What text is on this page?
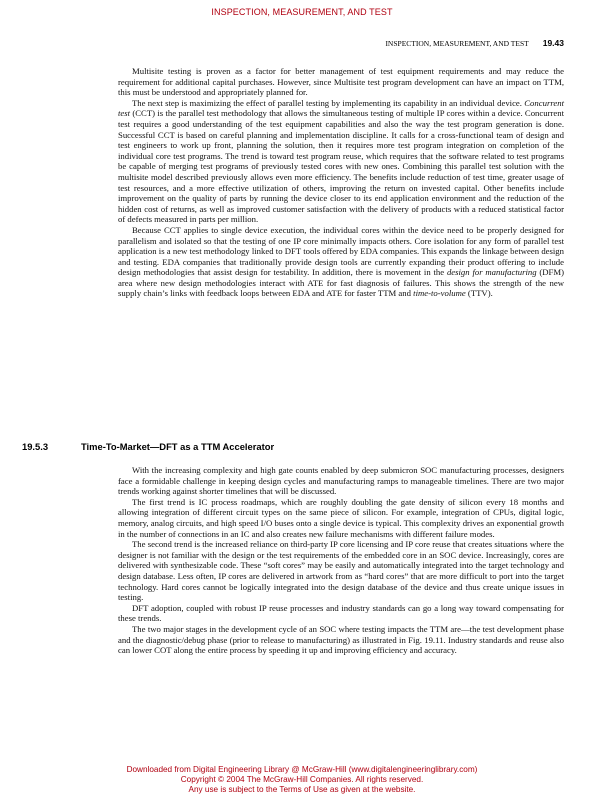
INSPECTION, MEASUREMENT, AND TEST
INSPECTION, MEASUREMENT, AND TEST 19.43

Multisite testing is proven as a factor for better management of test equipment requirements and may reduce the requirement for additional capital purchases. However, since Multisite test program development can have an impact on TTM, this must be understood and appropriately planned for.

The next step is maximizing the effect of parallel testing by implementing its capability in an individual device. Concurrent test (CCT) is the parallel test methodology that allows the simultaneous testing of multiple IP cores within a device. Concurrent test requires a good understanding of the test equipment capabilities and also the way the test program generation is done. Successful CCT is based on careful planning and implementation discipline. It calls for a cross-functional team of design and test engineers to work up front, planning the solution, then it requires more test program integration on completion of the individual core test programs. The trend is toward test program reuse, which requires that the software related to test programs be capable of merging test programs of previously tested cores with new ones. Combining this parallel test solution with the multisite model described previously allows even more efficiency. The benefits include reduction of test time, greater usage of test resources, and a more effective utilization of others, improving the return on invested capital. Other benefits include improvement on the quality of parts by running the device closer to its end application environment and the reduction of the hidden cost of returns, as well as improved customer satisfaction with the delivery of products with a reduced statistical factor of defects measured in parts per million.

Because CCT applies to single device execution, the individual cores within the device need to be properly designed for parallelism and isolated so that the testing of one IP core minimally impacts others. Core isolation for any form of parallel test application is a new test methodology linked to DFT tools offered by EDA companies. This expands the linkage between design and testing. EDA companies that traditionally provide design tools are currently expanding their product offering to include design methodologies that assist design for testability. In addition, there is movement in the design for manufacturing (DFM) area where new design methodologies interact with ATE for fast diagnosis of failures. This shows the strength of the new supply chain’s links with feedback loops between EDA and ATE for faster TTM and time-to-volume (TTV).

19.5.3	Time-To-Market—DFT as a TTM Accelerator

With the increasing complexity and high gate counts enabled by deep submicron SOC manufacturing processes, designers face a formidable challenge in keeping design cycles and manufacturing ramps to manageable timelines. There are two major trends working against shorter timelines that will be discussed.

The first trend is IC process roadmaps, which are roughly doubling the gate density of silicon every 18 months and allowing integration of different circuit types on the same piece of silicon. For example, integration of CPUs, digital logic, memory, analog circuits, and high speed I/O buses onto a single device is typical. This complexity drives an exponential growth in the number of connections in an IC and also creates new failure mechanisms with different failure modes.

The second trend is the increased reliance on third-party IP core licensing and IP core reuse that creates situations where the designer is not familiar with the design or the test requirements of the embedded core in an SOC device. Increasingly, cores are delivered with synthesizable code. These “soft cores” may be easily and automatically integrated into the target technology and design database. Less often, IP cores are delivered in artwork from as “hard cores” that are more difficult to port into the target technology. Hard cores cannot be logically integrated into the design database of the device and thus create unique issues in testing.

DFT adoption, coupled with robust IP reuse processes and industry standards can go a long way toward compensating for these trends.

The two major stages in the development cycle of an SOC where testing impacts the TTM are—the test development phase and the diagnostic/debug phase (prior to release to manufacturing) as illustrated in Fig. 19.11. Industry standards and reuse also can lower COT along the entire process by speeding it up and improving efficiency and accuracy.

Downloaded from Digital Engineering Library @ McGraw-Hill (www.digitalengineeringlibrary.com)
Copyright © 2004 The McGraw-Hill Companies. All rights reserved.
Any use is subject to the Terms of Use as given at the website.
